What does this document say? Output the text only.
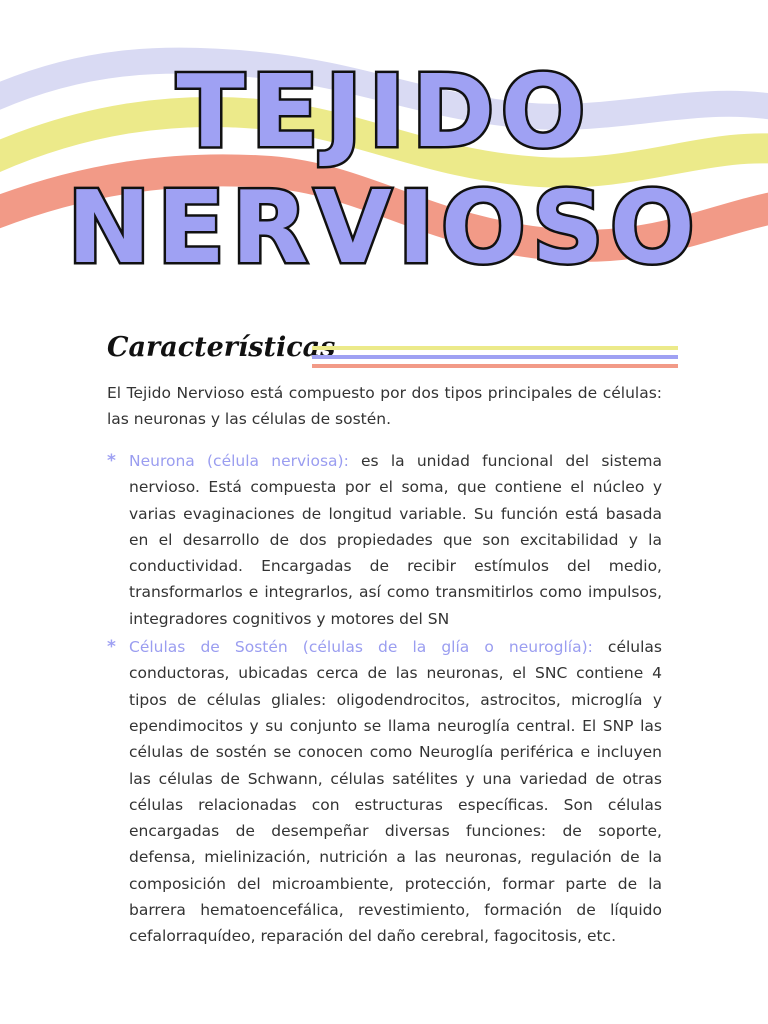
TEJIDO
NERVIOSO
Características

El Tejido Nervioso está compuesto por dos tipos principales de células: las neuronas y las células de sostén.

* Neurona (célula nerviosa): es la unidad funcional del sistema nervioso. Está compuesta por el soma, que contiene el núcleo y varias evaginaciones de longitud variable. Su función está basada en el desarrollo de dos propiedades que son excitabilidad y la conductividad. Encargadas de recibir estímulos del medio, transformarlos e integrarlos, así como transmitirlos como impulsos, integradores cognitivos y motores del SN
* Células de Sostén (células de la glía o neuroglía): células conductoras, ubicadas cerca de las neuronas, el SNC contiene 4 tipos de células gliales: oligodendrocitos, astrocitos, microglía y ependimocitos y su conjunto se llama neuroglía central. El SNP las células de sostén se conocen como Neuroglía periférica e incluyen las células de Schwann, células satélites y una variedad de otras células relacionadas con estructuras específicas. Son células encargadas de desempeñar diversas funciones: de soporte, defensa, mielinización, nutrición a las neuronas, regulación de la composición del microambiente, protección, formar parte de la barrera hematoencefálica, revestimiento, formación de líquido cefalorraquídeo, reparación del daño cerebral, fagocitosis, etc.
